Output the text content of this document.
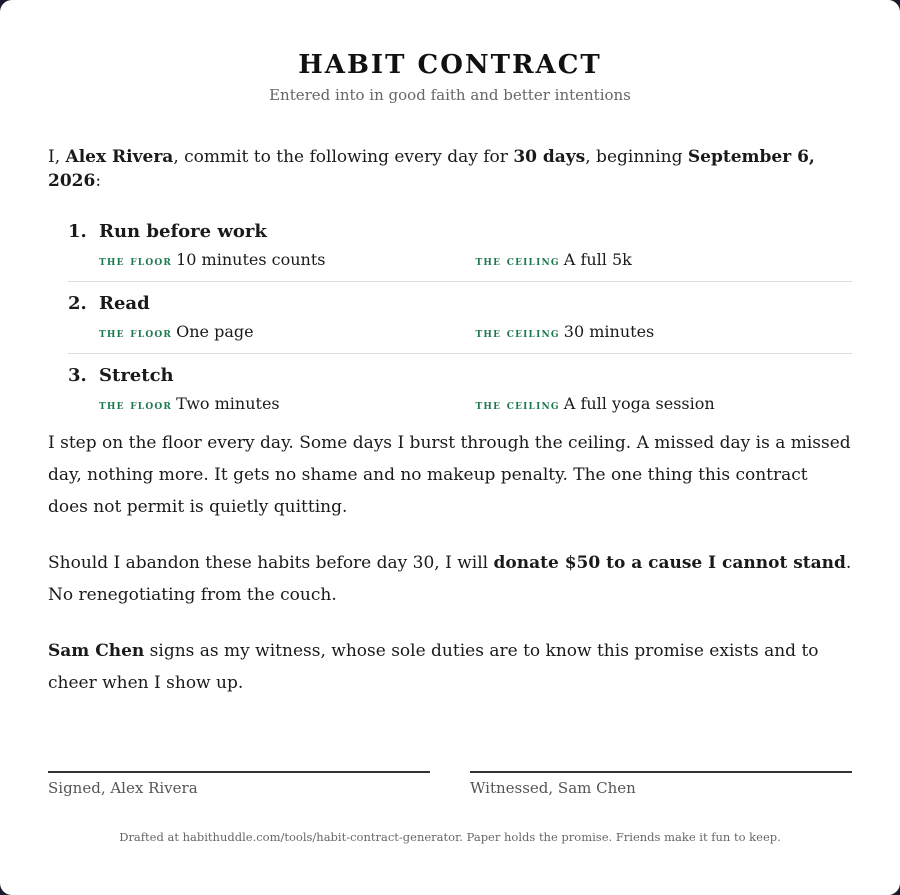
HABIT CONTRACT
Entered into in good faith and better intentions

I, Alex Rivera, commit to the following every day for 30 days, beginning September 6, 2026:

1. Run before work
the floor 10 minutes counts	the ceiling A full 5k
2. Read
the floor One page	the ceiling 30 minutes
3. Stretch
the floor Two minutes	the ceiling A full yoga session

I step on the floor every day. Some days I burst through the ceiling. A missed day is a missed day, nothing more. It gets no shame and no makeup penalty. The one thing this contract does not permit is quietly quitting.

Should I abandon these habits before day 30, I will donate $50 to a cause I cannot stand. No renegotiating from the couch.

Sam Chen signs as my witness, whose sole duties are to know this promise exists and to cheer when I show up.

Signed, Alex Rivera	Witnessed, Sam Chen
Drafted at habithuddle.com/tools/habit-contract-generator. Paper holds the promise. Friends make it fun to keep.
